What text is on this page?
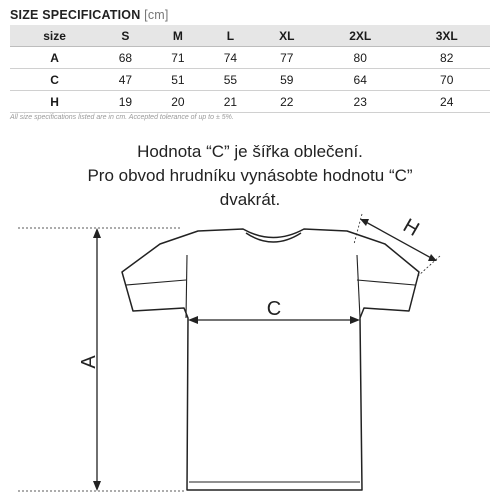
SIZE SPECIFICATION [cm]
size	S	M	L	XL	2XL	3XL
A	68	71	74	77	80	82
C	47	51	55	59	64	70
H	19	20	21	22	23	24
All size specifications listed are in cm. Accepted tolerance of up to ± 5%.
Hodnota “C” je šířka oblečení.
Pro obvod hrudníku vynásobte hodnotu “C”
dvakrát.
A
C
H
